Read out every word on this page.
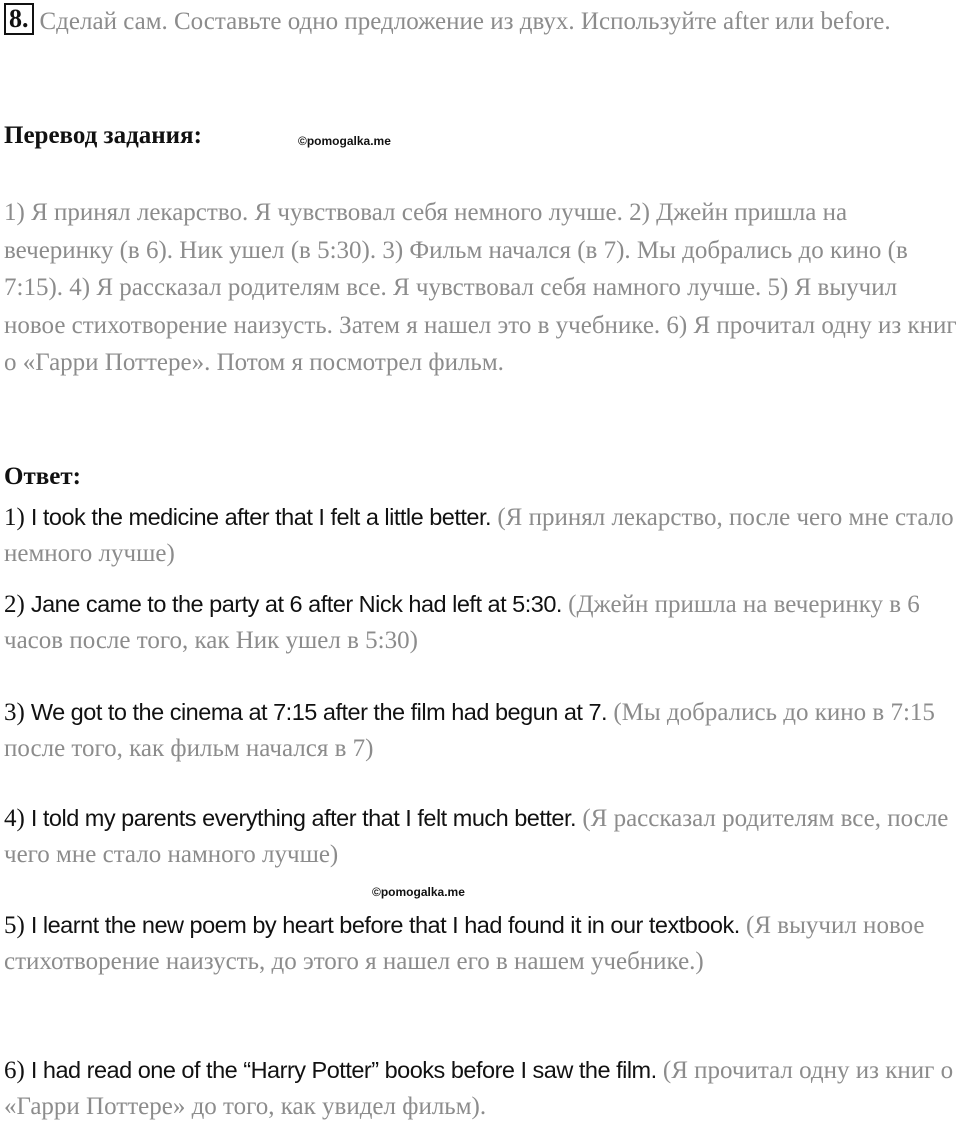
8. Сделай сам. Составьте одно предложение из двух. Используйте after или before.
Перевод задания:	©pomogalka.me
1) Я принял лекарство. Я чувствовал себя немного лучше. 2) Джейн пришла на вечеринку (в 6). Ник ушел (в 5:30). 3) Фильм начался (в 7). Мы добрались до кино (в 7:15). 4) Я рассказал родителям все. Я чувствовал себя намного лучше. 5) Я выучил новое стихотворение наизусть. Затем я нашел это в учебнике. 6) Я прочитал одну из книг о «Гарри Поттере». Потом я посмотрел фильм.
Ответ:
1) I took the medicine after that I felt a little better. (Я принял лекарство, после чего мне стало немного лучше)
2) Jane came to the party at 6 after Nick had left at 5:30. (Джейн пришла на вечеринку в 6 часов после того, как Ник ушел в 5:30)
3) We got to the cinema at 7:15 after the film had begun at 7. (Мы добрались до кино в 7:15 после того, как фильм начался в 7)
4) I told my parents everything after that I felt much better. (Я рассказал родителям все, после чего мне стало намного лучше)
©pomogalka.me
5) I learnt the new poem by heart before that I had found it in our textbook. (Я выучил новое стихотворение наизусть, до этого я нашел его в нашем учебнике.)
6) I had read one of the “Harry Potter” books before I saw the film. (Я прочитал одну из книг о «Гарри Поттере» до того, как увидел фильм).
